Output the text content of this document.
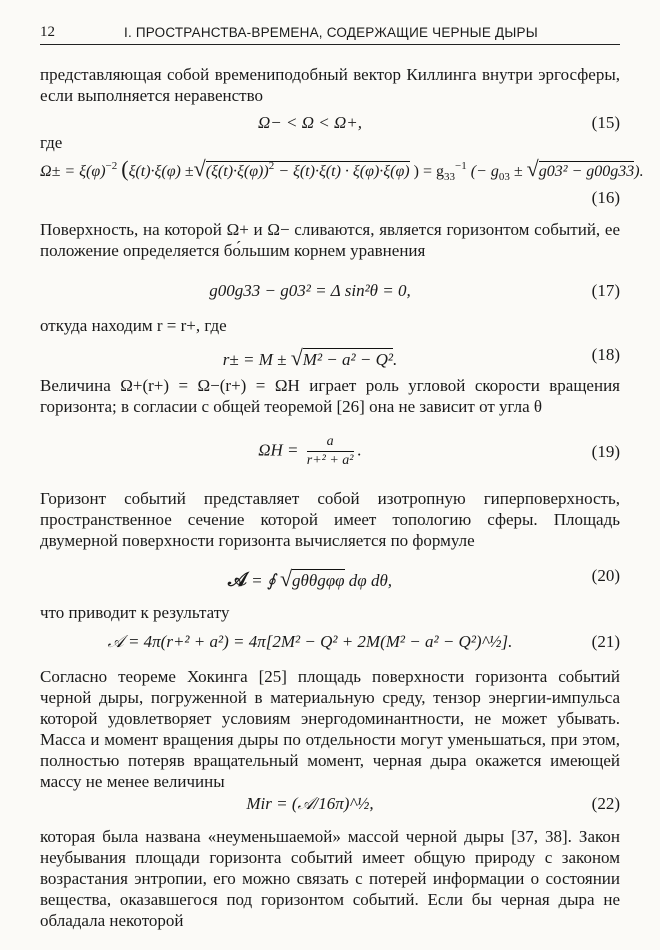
12	I. ПРОСТРАНСТВА-ВРЕМЕНА, СОДЕРЖАЩИЕ ЧЕРНЫЕ ДЫРЫ
представляющая собой времениподобный вектор Киллинга внутри эргосферы, если выполняется неравенство
Ω− < Ω < Ω+,	(15)
где
$\Omega\pm = \xi(\varphi)^{-2}$ ($\xi(t)\cdot\xi(\varphi) \pm√(\xi(t)\cdot\xi(\varphi))^2 - \xi(t)\cdot\xi(t) \cdot \xi(\varphi)\cdot\xi(\varphi)$ ) = $g_{33}^{-1}$ (− $g_{03} \pm √g03^2 - g00g33$).
(16)
Поверхность, на которой Ω+ и Ω− сливаются, является горизонтом событий, ее положение определяется бо́льшим корнем уравнения
g00g33 − g03² = Δ sin²θ = 0,	(17)
откуда находим r = r+, где
r± = M ± √M² − a² − Q².	(18)
Величина Ω+(r+) = Ω−(r+) = ΩH играет роль угловой скорости вращения горизонта; в согласии с общей теоремой [26] она не зависит от угла θ
$\Omega H = \frac{a}{\text{r+² + a²}}$ .	(19)
Горизонт событий представляет собой изотропную гиперповерхность, пространственное сечение которой имеет топологию сферы. Площадь двумерной поверхности горизонта вычисляется по формуле
𝒜 = ∮ √gθθgφφ dφ dθ,	(20)
что приводит к результату
𝒜 = 4π(r+² + a²) = 4π[2M² − Q² + 2M(M² − a² − Q²)^½].	(21)
Согласно теореме Хокинга [25] площадь поверхности горизонта событий черной дыры, погруженной в материальную среду, тензор энергии-импульса которой удовлетворяет условиям энергодоминантности, не может убывать. Масса и момент вращения дыры по отдельности могут уменьшаться, при этом, полностью потеряв вращательный момент, черная дыра окажется имеющей массу не менее величины
Mir = (𝒜/16π)^½,	(22)
которая была названа «неуменьшаемой» массой черной дыры [37, 38]. Закон неубывания площади горизонта событий имеет общую природу с законом возрастания энтропии, его можно связать с потерей информации о состоянии вещества, оказавшегося под горизонтом событий. Если бы черная дыра не обладала некоторой
